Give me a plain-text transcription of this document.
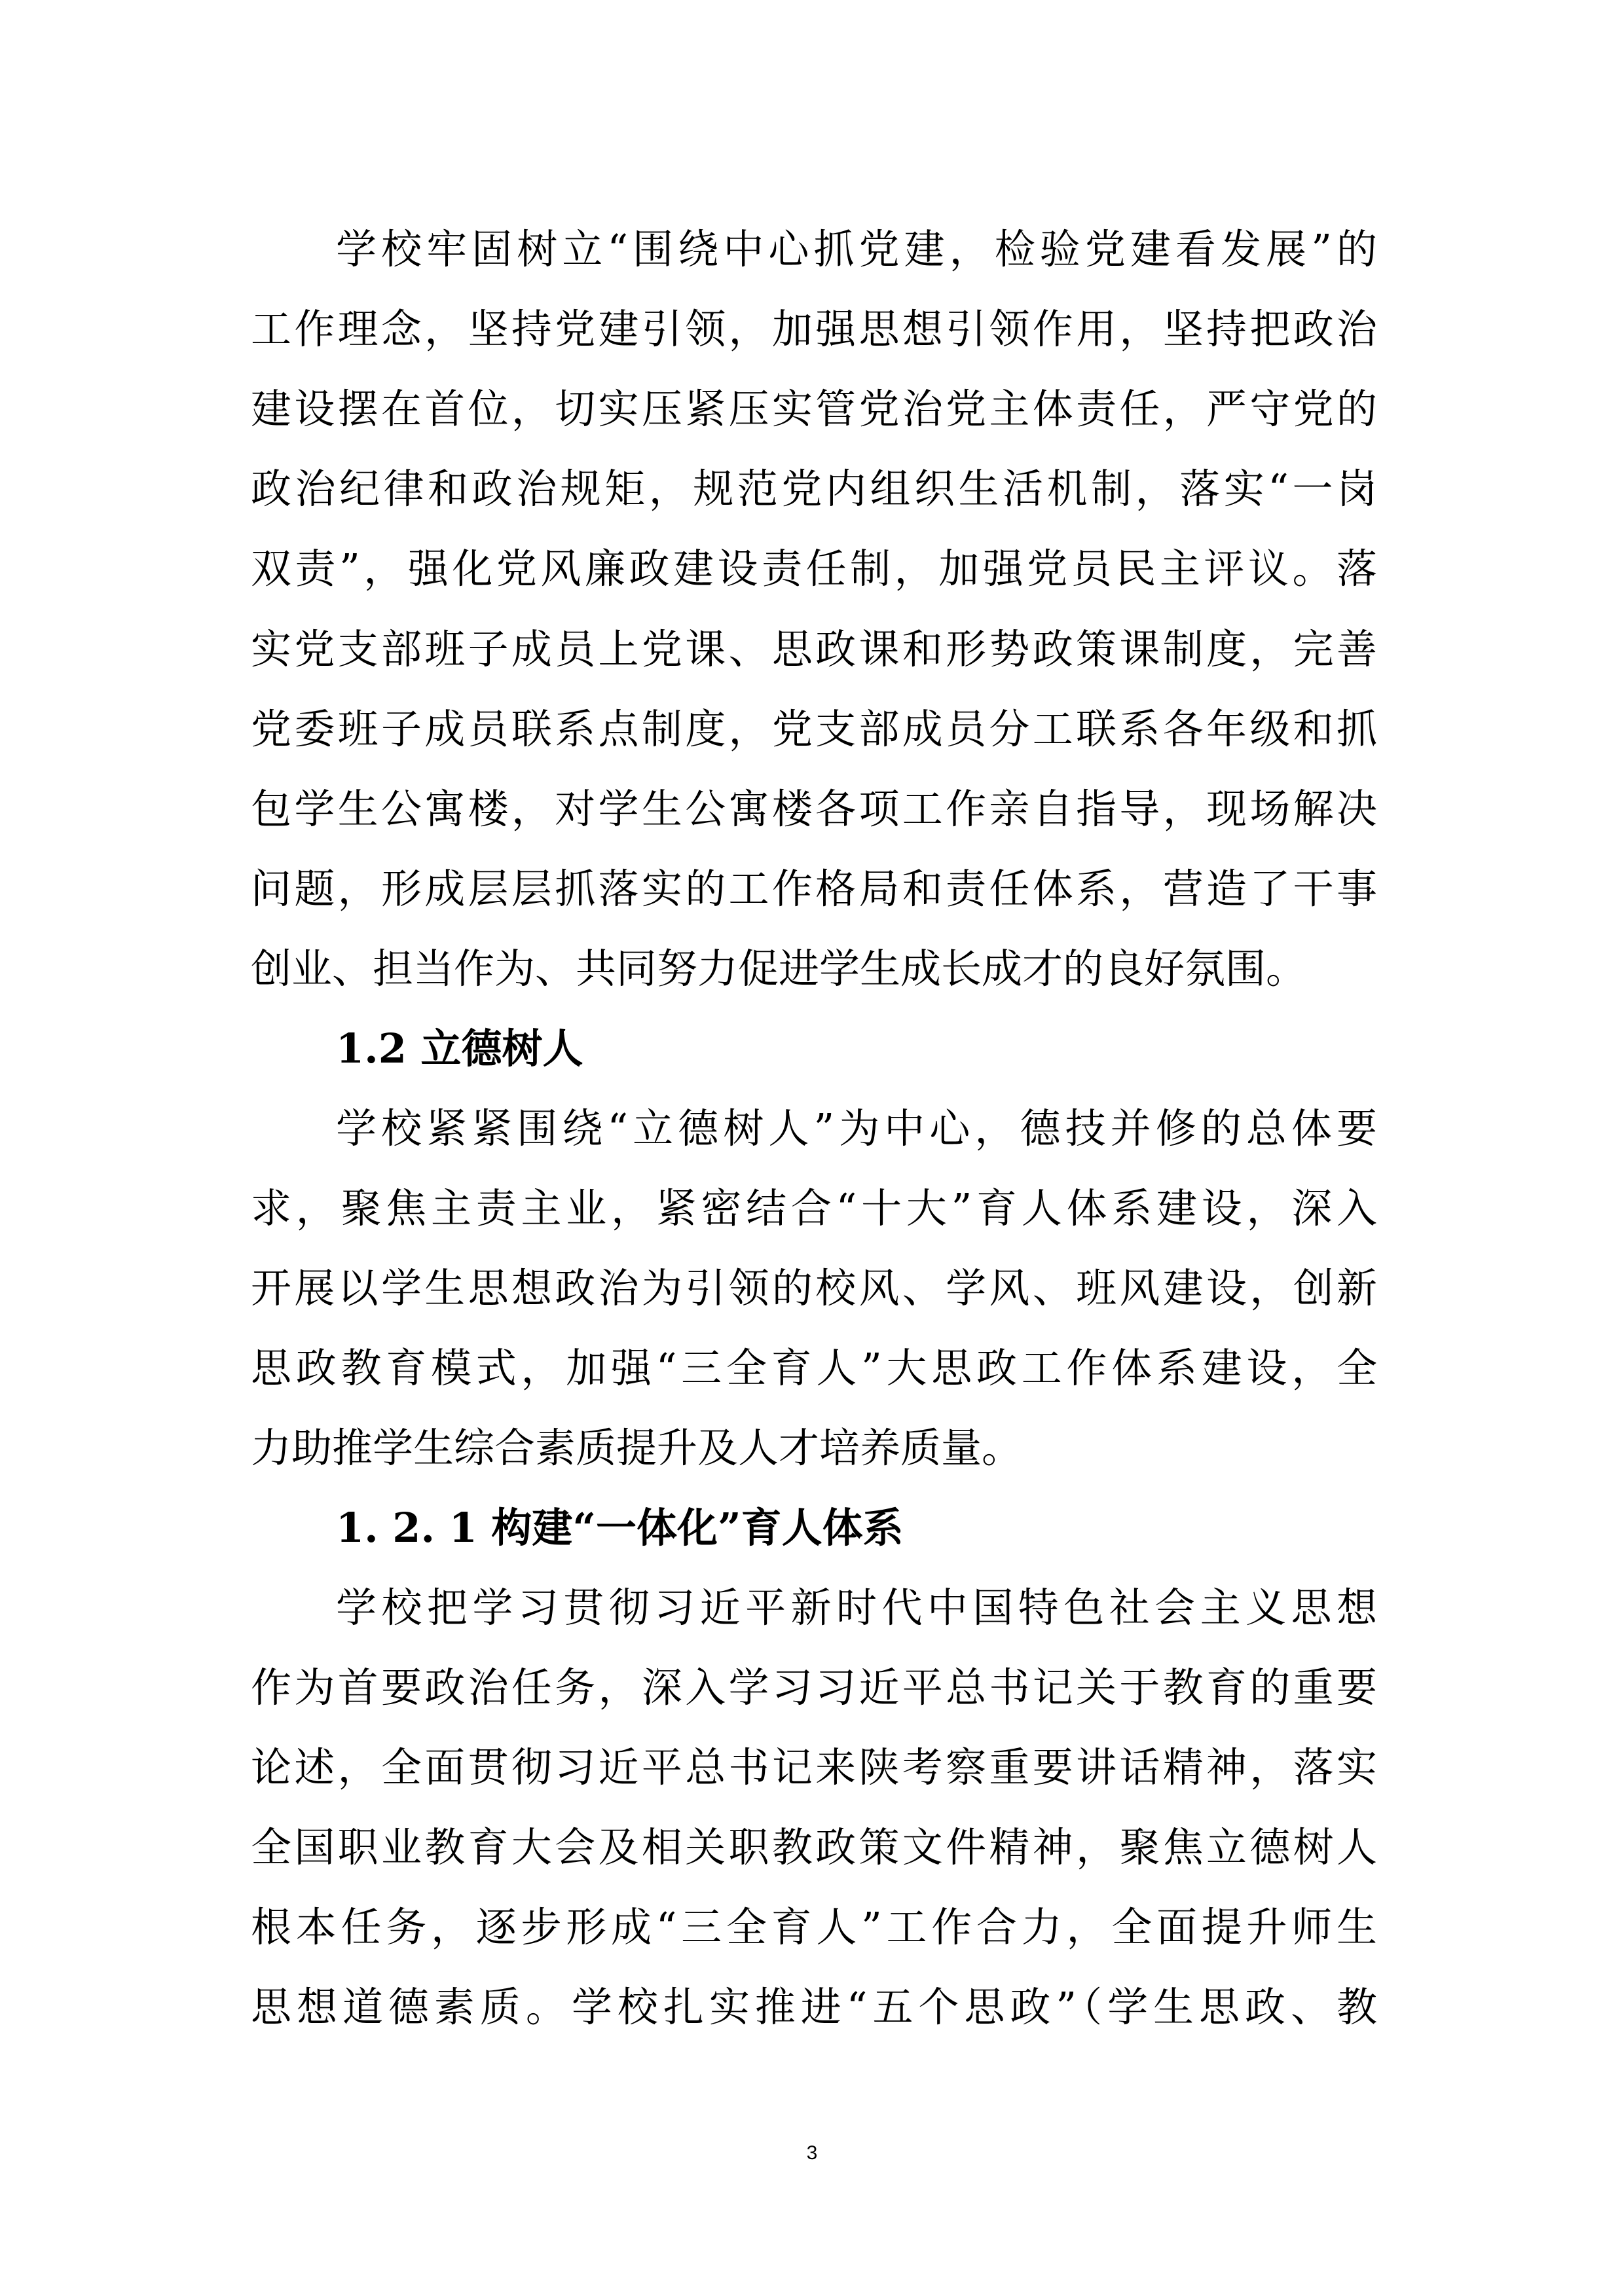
学校牢固树立“围绕中心抓党建，检验党建看发展”的
工作理念，坚持党建引领，加强思想引领作用，坚持把政治
建设摆在首位，切实压紧压实管党治党主体责任，严守党的
政治纪律和政治规矩，规范党内组织生活机制，落实“一岗
双责”，强化党风廉政建设责任制，加强党员民主评议。落
实党支部班子成员上党课、思政课和形势政策课制度，完善
党委班子成员联系点制度，党支部成员分工联系各年级和抓
包学生公寓楼，对学生公寓楼各项工作亲自指导，现场解决
问题，形成层层抓落实的工作格局和责任体系，营造了干事
创业、担当作为、共同努力促进学生成长成才的良好氛围。
1.2 立德树人
学校紧紧围绕“立德树人”为中心，德技并修的总体要
求，聚焦主责主业，紧密结合“十大”育人体系建设，深入
开展以学生思想政治为引领的校风、学风、班风建设，创新
思政教育模式，加强“三全育人”大思政工作体系建设，全
力助推学生综合素质提升及人才培养质量。
1. 2. 1 构建“一体化”育人体系
学校把学习贯彻习近平新时代中国特色社会主义思想
作为首要政治任务，深入学习习近平总书记关于教育的重要
论述，全面贯彻习近平总书记来陕考察重要讲话精神，落实
全国职业教育大会及相关职教政策文件精神，聚焦立德树人
根本任务，逐步形成“三全育人”工作合力，全面提升师生
思想道德素质。学校扎实推进“五个思政”（学生思政、教
3
